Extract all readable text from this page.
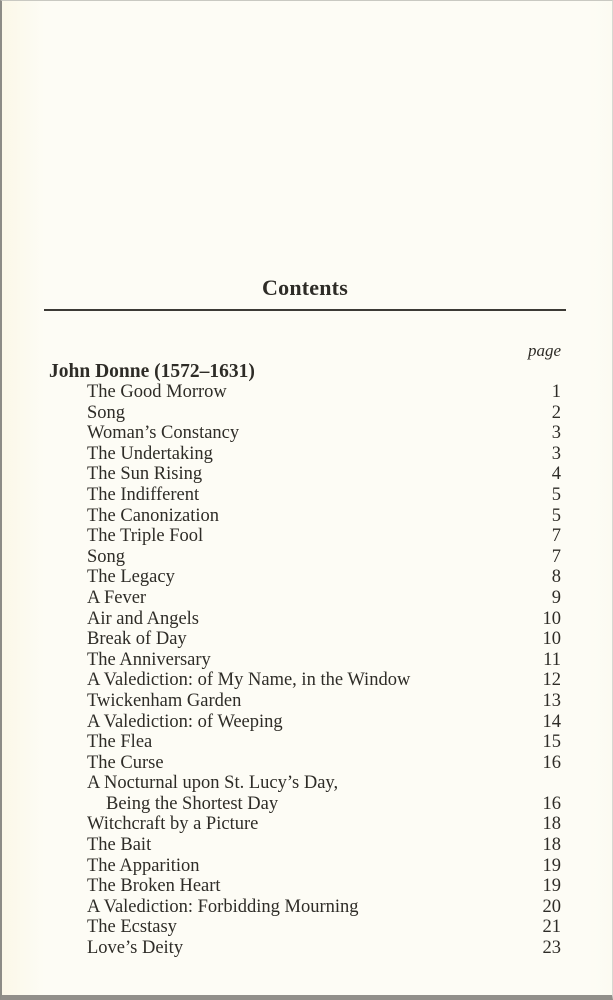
Contents
page
John Donne (1572–1631)
The Good Morrow	1
Song	2
Woman’s Constancy	3
The Undertaking	3
The Sun Rising	4
The Indifferent	5
The Canonization	5
The Triple Fool	7
Song	7
The Legacy	8
A Fever	9
Air and Angels	10
Break of Day	10
The Anniversary	11
A Valediction: of My Name, in the Window	12
Twickenham Garden	13
A Valediction: of Weeping	14
The Flea	15
The Curse	16
A Nocturnal upon St. Lucy’s Day,
Being the Shortest Day	16
Witchcraft by a Picture	18
The Bait	18
The Apparition	19
The Broken Heart	19
A Valediction: Forbidding Mourning	20
The Ecstasy	21
Love’s Deity	23
